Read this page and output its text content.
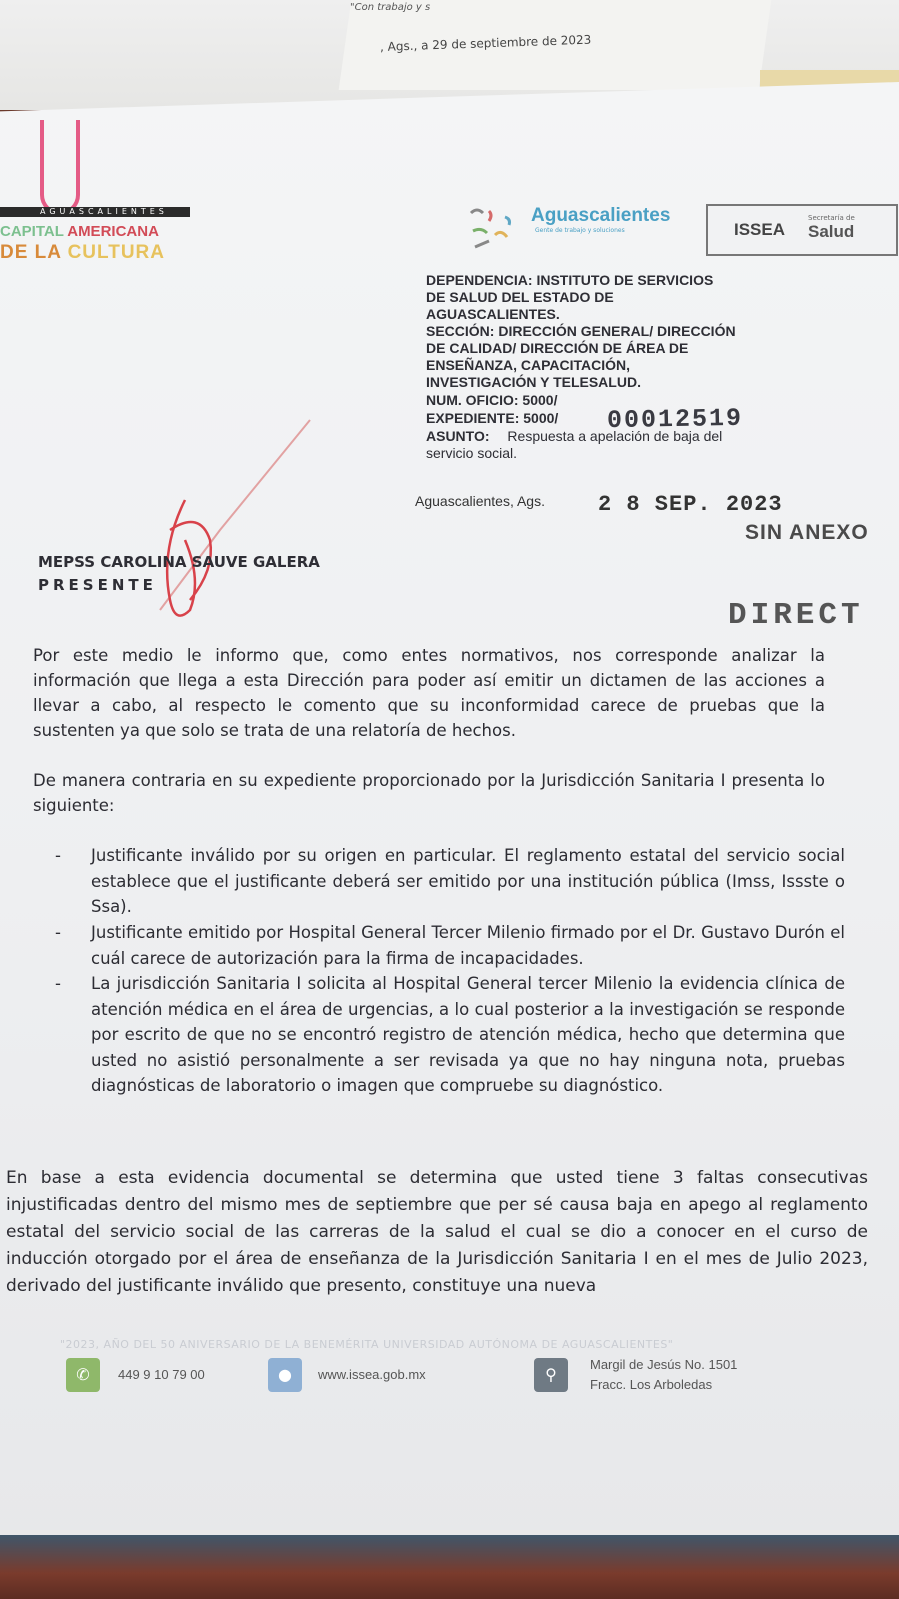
"Con trabajo y s
, Ags., a 29 de septiembre de 2023
AGUASCALIENTES
CAPITAL AMERICANA
DE LA CULTURA
Aguascalientes
Gente de trabajo y soluciones	ISSEA
Secretaría de
Salud
DEPENDENCIA: INSTITUTO DE SERVICIOS
DE SALUD DEL ESTADO DE
AGUASCALIENTES.
SECCIÓN: DIRECCIÓN GENERAL/ DIRECCIÓN
DE CALIDAD/ DIRECCIÓN DE ÁREA DE
ENSEÑANZA, CAPACITACIÓN,
INVESTIGACIÓN Y TELESALUD.
NUM. OFICIO: 5000/
EXPEDIENTE: 5000/ 00012519
ASUNTO: Respuesta a apelación de baja del
servicio social.
Aguascalientes, Ags. 2 8 SEP. 2023
SIN ANEXO
DIRECT
MEPSS CAROLINA SAUVE GALERA
PRESENTE
Por este medio le informo que, como entes normativos, nos corresponde analizar la información que llega a esta Dirección para poder así emitir un dictamen de las acciones a llevar a cabo, al respecto le comento que su inconformidad carece de pruebas que la sustenten ya que solo se trata de una relatoría de hechos.
De manera contraria en su expediente proporcionado por la Jurisdicción Sanitaria I presenta lo siguiente:
- Justificante inválido por su origen en particular. El reglamento estatal del servicio social establece que el justificante deberá ser emitido por una institución pública (Imss, Issste o Ssa).
- Justificante emitido por Hospital General Tercer Milenio firmado por el Dr. Gustavo Durón el cuál carece de autorización para la firma de incapacidades.
- La jurisdicción Sanitaria I solicita al Hospital General tercer Milenio la evidencia clínica de atención médica en el área de urgencias, a lo cual posterior a la investigación se responde por escrito de que no se encontró registro de atención médica, hecho que determina que usted no asistió personalmente a ser revisada ya que no hay ninguna nota, pruebas diagnósticas de laboratorio o imagen que compruebe su diagnóstico.
En base a esta evidencia documental se determina que usted tiene 3 faltas consecutivas injustificadas dentro del mismo mes de septiembre que per sé causa baja en apego al reglamento estatal del servicio social de las carreras de la salud el cual se dio a conocer en el curso de inducción otorgado por el área de enseñanza de la Jurisdicción Sanitaria I en el mes de Julio 2023, derivado del justificante inválido que presento, constituye una nueva
"2023, AÑO DEL 50 ANIVERSARIO DE LA BENEMÉRITA UNIVERSIDAD AUTÓNOMA DE AGUASCALIENTES"
✆	449 9 10 79 00	●	www.issea.gob.mx	⚲
Margil de Jesús No. 1501
Fracc. Los Arboledas
